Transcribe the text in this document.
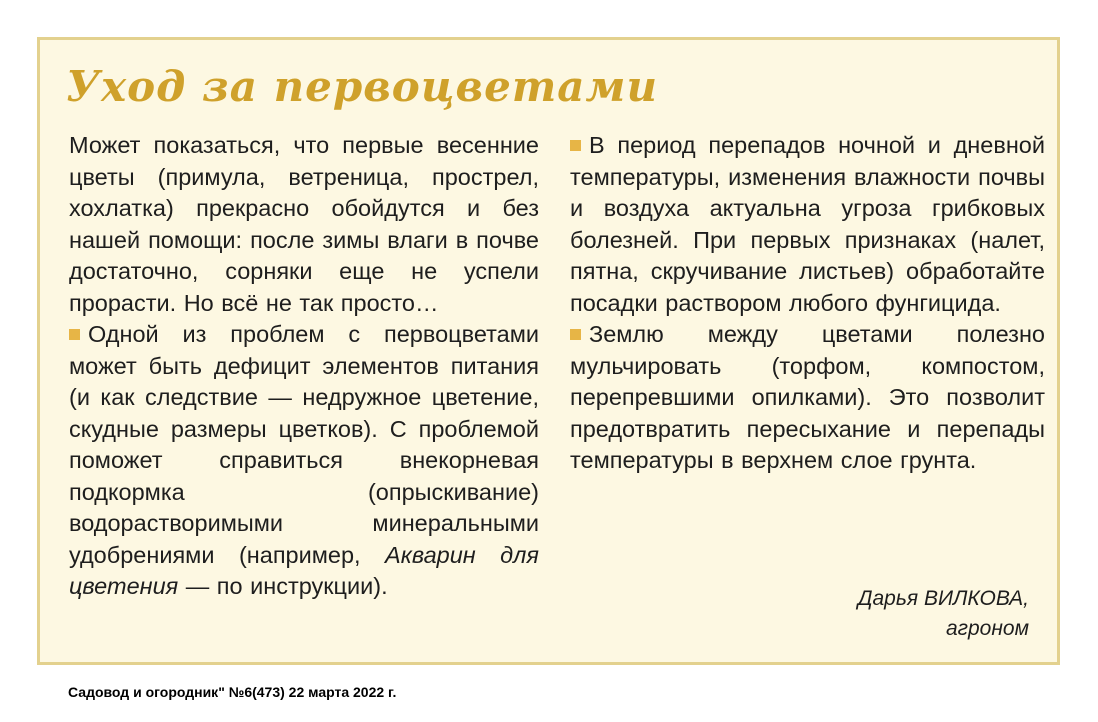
Уход за первоцветами

Может показаться, что первые весенние цветы (примула, ветреница, прострел, хохлатка) прекрасно обойдутся и без нашей помощи: после зимы влаги в почве достаточно, сорняки еще не успели прорасти. Но всё не так просто…

Одной из проблем с первоцветами может быть дефицит элементов питания (и как следствие — недружное цветение, скудные размеры цветков). С проблемой поможет справиться внекорневая подкормка (опрыскивание) водорастворимыми минеральными удобрениями (например, Акварин для цветения — по инструкции).

В период перепадов ночной и дневной температуры, изменения влажности почвы и воздуха актуальна угроза грибковых болезней. При первых признаках (налет, пятна, скручивание листьев) обработайте посадки раствором любого фунгицида.

Землю между цветами полезно мульчировать (торфом, компостом, перепревшими опилками). Это позволит предотвратить пересыхание и перепады температуры в верхнем слое грунта.

Дарья ВИЛКОВА,
агроном
Садовод и огородник" №6(473) 22 марта 2022 г.
